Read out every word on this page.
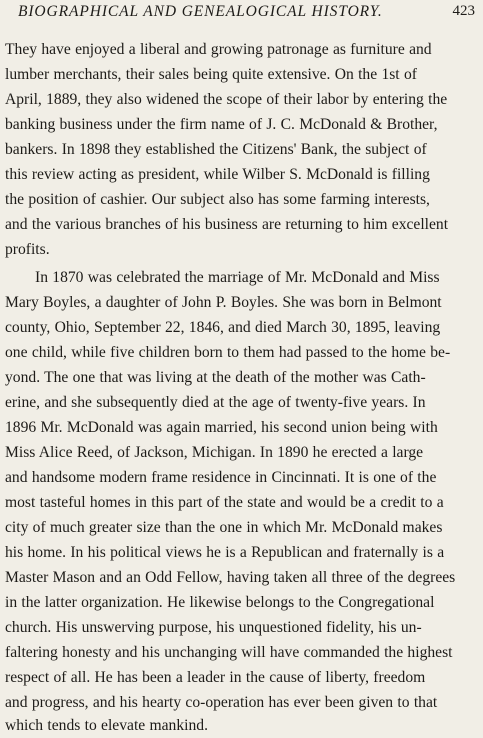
BIOGRAPHICAL AND GENEALOGICAL HISTORY.	423
They have enjoyed a liberal and growing patronage as furniture and
lumber merchants, their sales being quite extensive. On the 1st of
April, 1889, they also widened the scope of their labor by entering the
banking business under the firm name of J. C. McDonald & Brother,
bankers. In 1898 they established the Citizens' Bank, the subject of
this review acting as president, while Wilber S. McDonald is filling
the position of cashier. Our subject also has some farming interests,
and the various branches of his business are returning to him excellent
profits.
In 1870 was celebrated the marriage of Mr. McDonald and Miss
Mary Boyles, a daughter of John P. Boyles. She was born in Belmont
county, Ohio, September 22, 1846, and died March 30, 1895, leaving
one child, while five children born to them had passed to the home be-
yond. The one that was living at the death of the mother was Cath-
erine, and she subsequently died at the age of twenty-five years. In
1896 Mr. McDonald was again married, his second union being with
Miss Alice Reed, of Jackson, Michigan. In 1890 he erected a large
and handsome modern frame residence in Cincinnati. It is one of the
most tasteful homes in this part of the state and would be a credit to a
city of much greater size than the one in which Mr. McDonald makes
his home. In his political views he is a Republican and fraternally is a
Master Mason and an Odd Fellow, having taken all three of the degrees
in the latter organization. He likewise belongs to the Congregational
church. His unswerving purpose, his unquestioned fidelity, his un-
faltering honesty and his unchanging will have commanded the highest
respect of all. He has been a leader in the cause of liberty, freedom
and progress, and his hearty co-operation has ever been given to that
which tends to elevate mankind.
